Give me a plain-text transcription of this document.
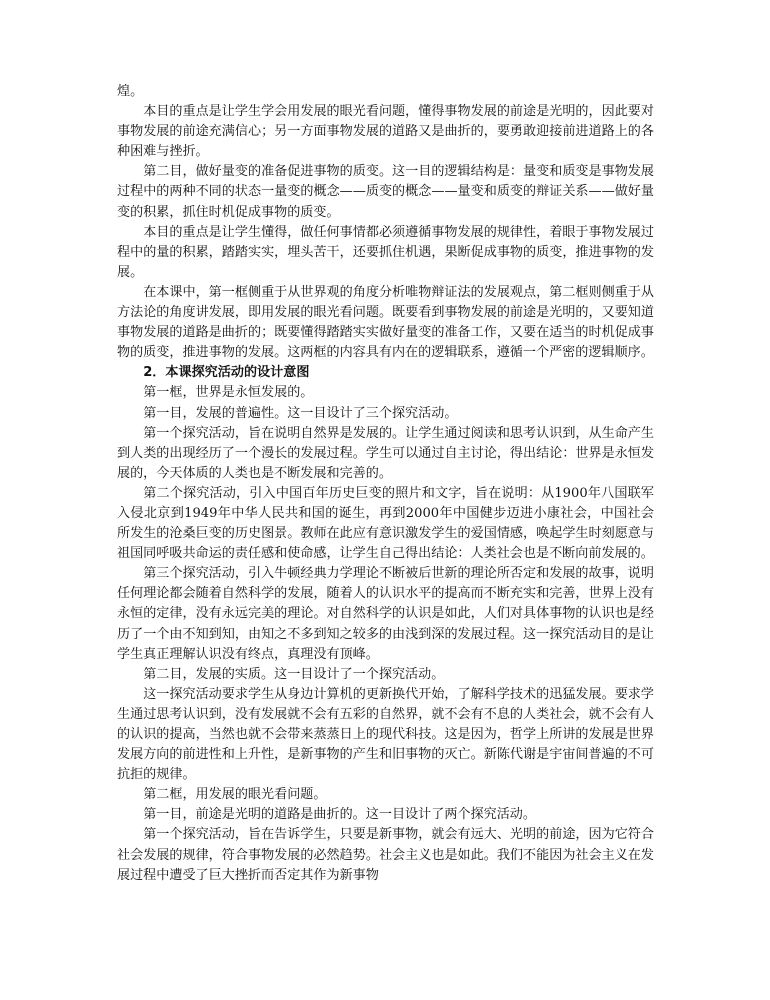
煌。

本目的重点是让学生学会用发展的眼光看问题，懂得事物发展的前途是光明的，因此要对事物发展的前途充满信心；另一方面事物发展的道路又是曲折的，要勇敢迎接前进道路上的各种困难与挫折。

第二目，做好量变的准备促进事物的质变。这一目的逻辑结构是：量变和质变是事物发展过程中的两种不同的状态一量变的概念——质变的概念——量变和质变的辩证关系——做好量变的积累，抓住时机促成事物的质变。

本目的重点是让学生懂得，做任何事情都必须遵循事物发展的规律性，着眼于事物发展过程中的量的积累，踏踏实实，埋头苦干，还要抓住机遇，果断促成事物的质变，推进事物的发展。

在本课中，第一框侧重于从世界观的角度分析唯物辩证法的发展观点，第二框则侧重于从方法论的角度讲发展，即用发展的眼光看问题。既要看到事物发展的前途是光明的，又要知道事物发展的道路是曲折的；既要懂得踏踏实实做好量变的准备工作，又要在适当的时机促成事物的质变，推进事物的发展。这两框的内容具有内在的逻辑联系，遵循一个严密的逻辑顺序。

2．本课探究活动的设计意图

第一框，世界是永恒发展的。

第一目，发展的普遍性。这一目设计了三个探究活动。

第一个探究活动，旨在说明自然界是发展的。让学生通过阅读和思考认识到，从生命产生到人类的出现经历了一个漫长的发展过程。学生可以通过自主讨论，得出结论：世界是永恒发展的，今天体质的人类也是不断发展和完善的。

第二个探究活动，引入中国百年历史巨变的照片和文字，旨在说明：从1900年八国联军入侵北京到1949年中华人民共和国的诞生，再到2000年中国健步迈进小康社会，中国社会所发生的沧桑巨变的历史图景。教师在此应有意识激发学生的爱国情感，唤起学生时刻愿意与祖国同呼吸共命运的责任感和使命感，让学生自己得出结论：人类社会也是不断向前发展的。

第三个探究活动，引入牛顿经典力学理论不断被后世新的理论所否定和发展的故事，说明任何理论都会随着自然科学的发展，随着人的认识水平的提高而不断充实和完善，世界上没有永恒的定律，没有永远完美的理论。对自然科学的认识是如此，人们对具体事物的认识也是经历了一个由不知到知，由知之不多到知之较多的由浅到深的发展过程。这一探究活动目的是让学生真正理解认识没有终点，真理没有顶峰。

第二目，发展的实质。这一目设计了一个探究活动。

这一探究活动要求学生从身边计算机的更新换代开始，了解科学技术的迅猛发展。要求学生通过思考认识到，没有发展就不会有五彩的自然界，就不会有不息的人类社会，就不会有人的认识的提高，当然也就不会带来蒸蒸日上的现代科技。这是因为，哲学上所讲的发展是世界发展方向的前进性和上升性，是新事物的产生和旧事物的灭亡。新陈代谢是宇宙间普遍的不可抗拒的规律。

第二框，用发展的眼光看问题。

第一目，前途是光明的道路是曲折的。这一目设计了两个探究活动。

第一个探究活动，旨在告诉学生，只要是新事物，就会有远大、光明的前途，因为它符合社会发展的规律，符合事物发展的必然趋势。社会主义也是如此。我们不能因为社会主义在发展过程中遭受了巨大挫折而否定其作为新事物
